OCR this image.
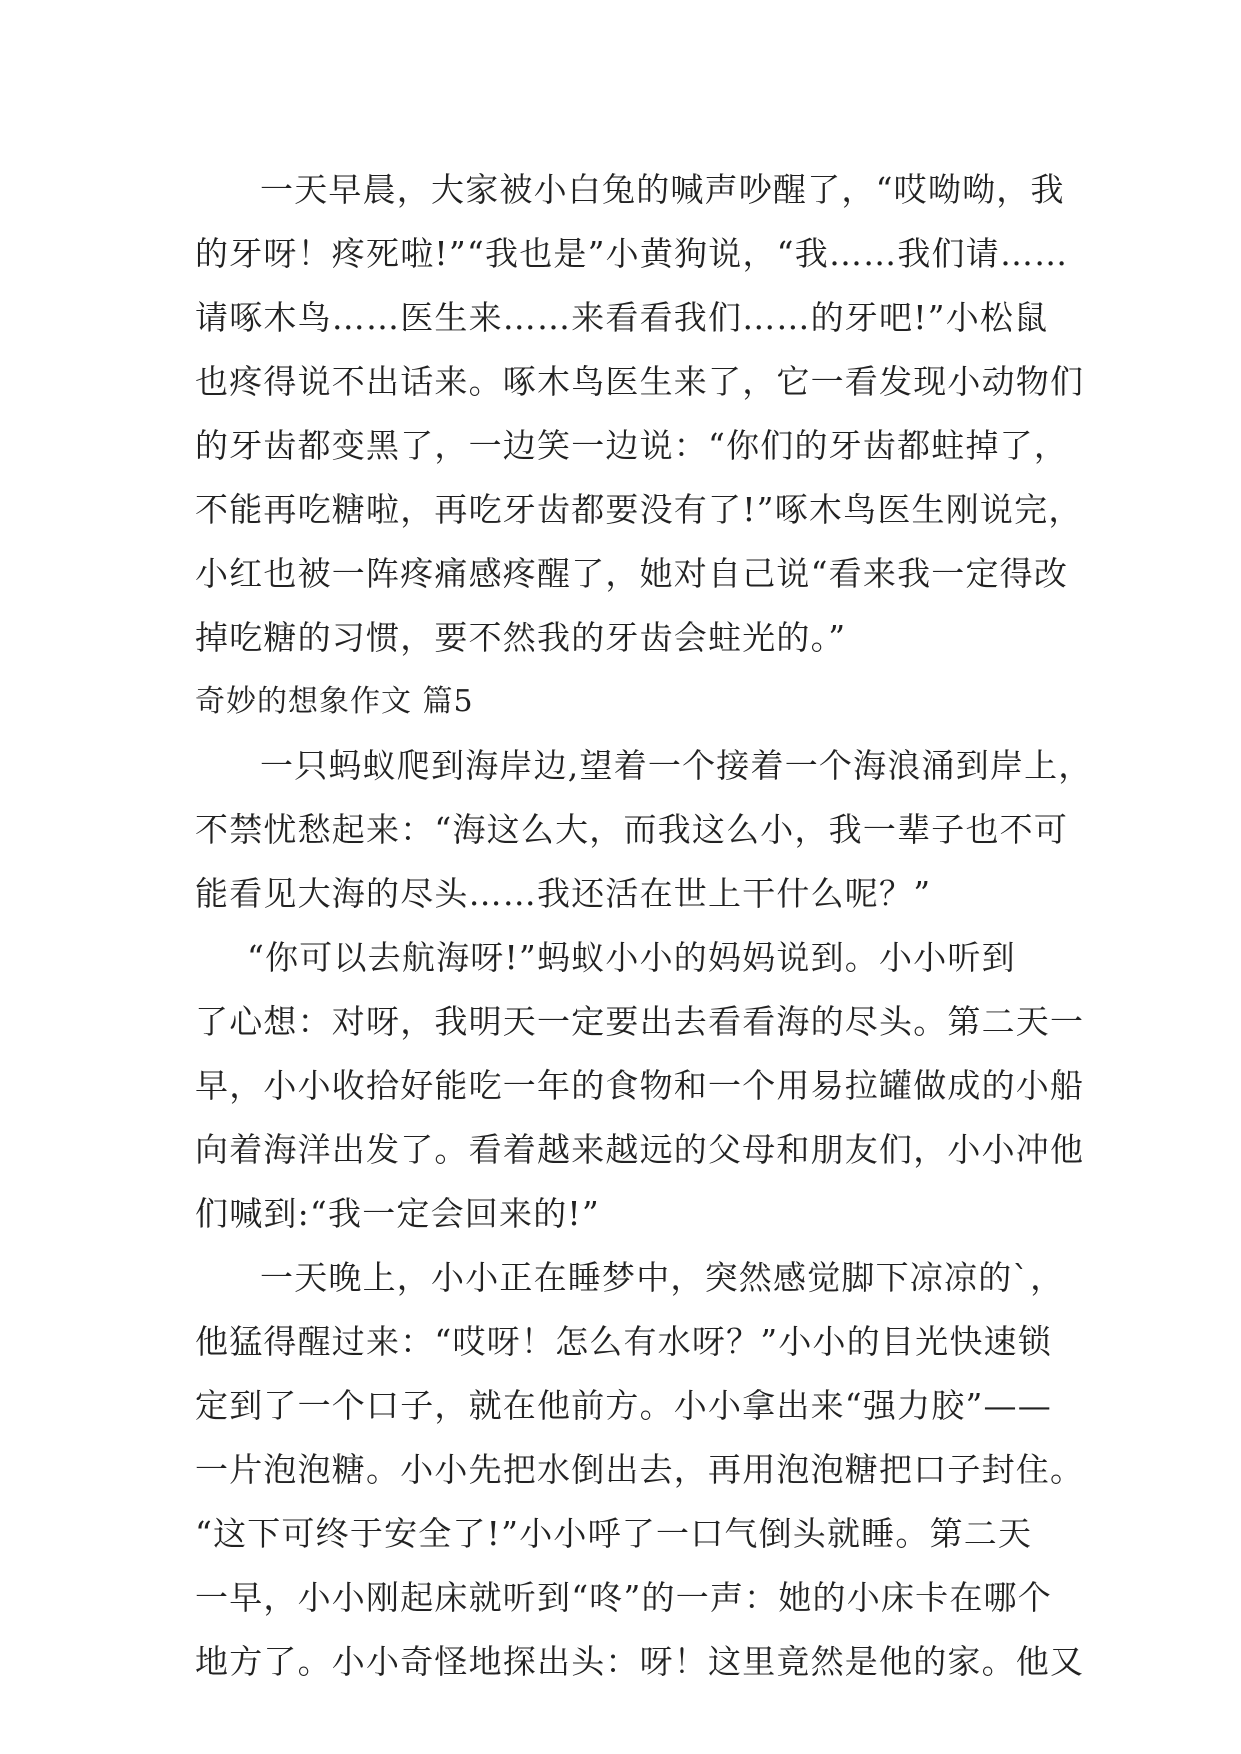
一天早晨，大家被小白兔的喊声吵醒了，“哎呦呦，我
的牙呀！疼死啦!”“我也是”小黄狗说，“我……我们请……
请啄木鸟……医生来……来看看我们……的牙吧!”小松鼠
也疼得说不出话来。啄木鸟医生来了，它一看发现小动物们
的牙齿都变黑了，一边笑一边说：“你们的牙齿都蛀掉了，
不能再吃糖啦，再吃牙齿都要没有了!”啄木鸟医生刚说完，
小红也被一阵疼痛感疼醒了，她对自己说“看来我一定得改
掉吃糖的习惯，要不然我的牙齿会蛀光的。”
奇妙的想象作文 篇5
一只蚂蚁爬到海岸边,望着一个接着一个海浪涌到岸上，
不禁忧愁起来：“海这么大，而我这么小，我一辈子也不可
能看见大海的尽头……我还活在世上干什么呢？”
“你可以去航海呀!”蚂蚁小小的妈妈说到。小小听到
了心想：对呀，我明天一定要出去看看海的尽头。第二天一
早，小小收拾好能吃一年的食物和一个用易拉罐做成的小船
向着海洋出发了。看着越来越远的父母和朋友们，小小冲他
们喊到:“我一定会回来的!”
一天晚上，小小正在睡梦中，突然感觉脚下凉凉的`，
他猛得醒过来：“哎呀！怎么有水呀？”小小的目光快速锁
定到了一个口子，就在他前方。小小拿出来“强力胶”——
一片泡泡糖。小小先把水倒出去，再用泡泡糖把口子封住。
“这下可终于安全了!”小小呼了一口气倒头就睡。第二天
一早，小小刚起床就听到“咚”的一声：她的小床卡在哪个
地方了。小小奇怪地探出头：呀！这里竟然是他的家。他又
